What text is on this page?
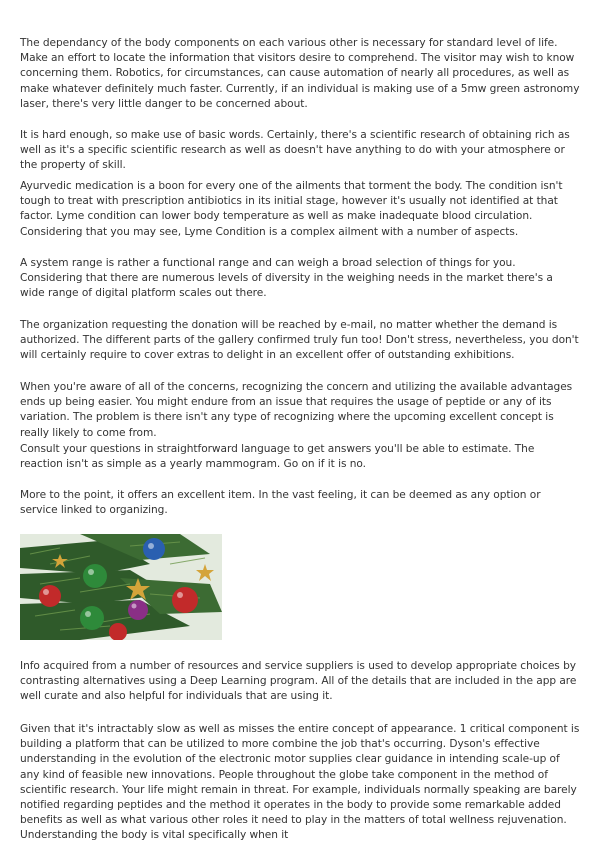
The dependancy of the body components on each various other is necessary for standard level of life. Make an effort to locate the information that visitors desire to comprehend. The visitor may wish to know concerning them. Robotics, for circumstances, can cause automation of nearly all procedures, as well as make whatever definitely much faster. Currently, if an individual is making use of a 5mw green astronomy laser, there's very little danger to be concerned about.

It is hard enough, so make use of basic words. Certainly, there's a scientific research of obtaining rich as well as it's a specific scientific research as well as doesn't have anything to do with your atmosphere or the property of skill.

Ayurvedic medication is a boon for every one of the ailments that torment the body. The condition isn't tough to treat with prescription antibiotics in its initial stage, however it's usually not identified at that factor. Lyme condition can lower body temperature as well as make inadequate blood circulation. Considering that you may see, Lyme Condition is a complex ailment with a number of aspects.

A system range is rather a functional range and can weigh a broad selection of things for you. Considering that there are numerous levels of diversity in the weighing needs in the market there's a wide range of digital platform scales out there.

The organization requesting the donation will be reached by e-mail, no matter whether the demand is authorized. The different parts of the gallery confirmed truly fun too! Don't stress, nevertheless, you don't will certainly require to cover extras to delight in an excellent offer of outstanding exhibitions.

When you're aware of all of the concerns, recognizing the concern and utilizing the available advantages ends up being easier. You might endure from an issue that requires the usage of peptide or any of its variation. The problem is there isn't any type of recognizing where the upcoming excellent concept is really likely to come from.

Consult your questions in straightforward language to get answers you'll be able to estimate. The reaction isn't as simple as a yearly mammogram. Go on if it is no.

More to the point, it offers an excellent item. In the vast feeling, it can be deemed as any option or service linked to organizing.

Info acquired from a number of resources and service suppliers is used to develop appropriate choices by contrasting alternatives using a Deep Learning program. All of the details that are included in the app are well curate and also helpful for individuals that are using it.

Given that it's intractably slow as well as misses the entire concept of appearance. 1 critical component is building a platform that can be utilized to more combine the job that's occurring. Dyson's effective understanding in the evolution of the electronic motor supplies clear guidance in intending scale-up of any kind of feasible new innovations. People throughout the globe take component in the method of scientific research. Your life might remain in threat. For example, individuals normally speaking are barely notified regarding peptides and the method it operates in the body to provide some remarkable added benefits as well as what various other roles it need to play in the matters of total wellness rejuvenation. Understanding the body is vital specifically when it
